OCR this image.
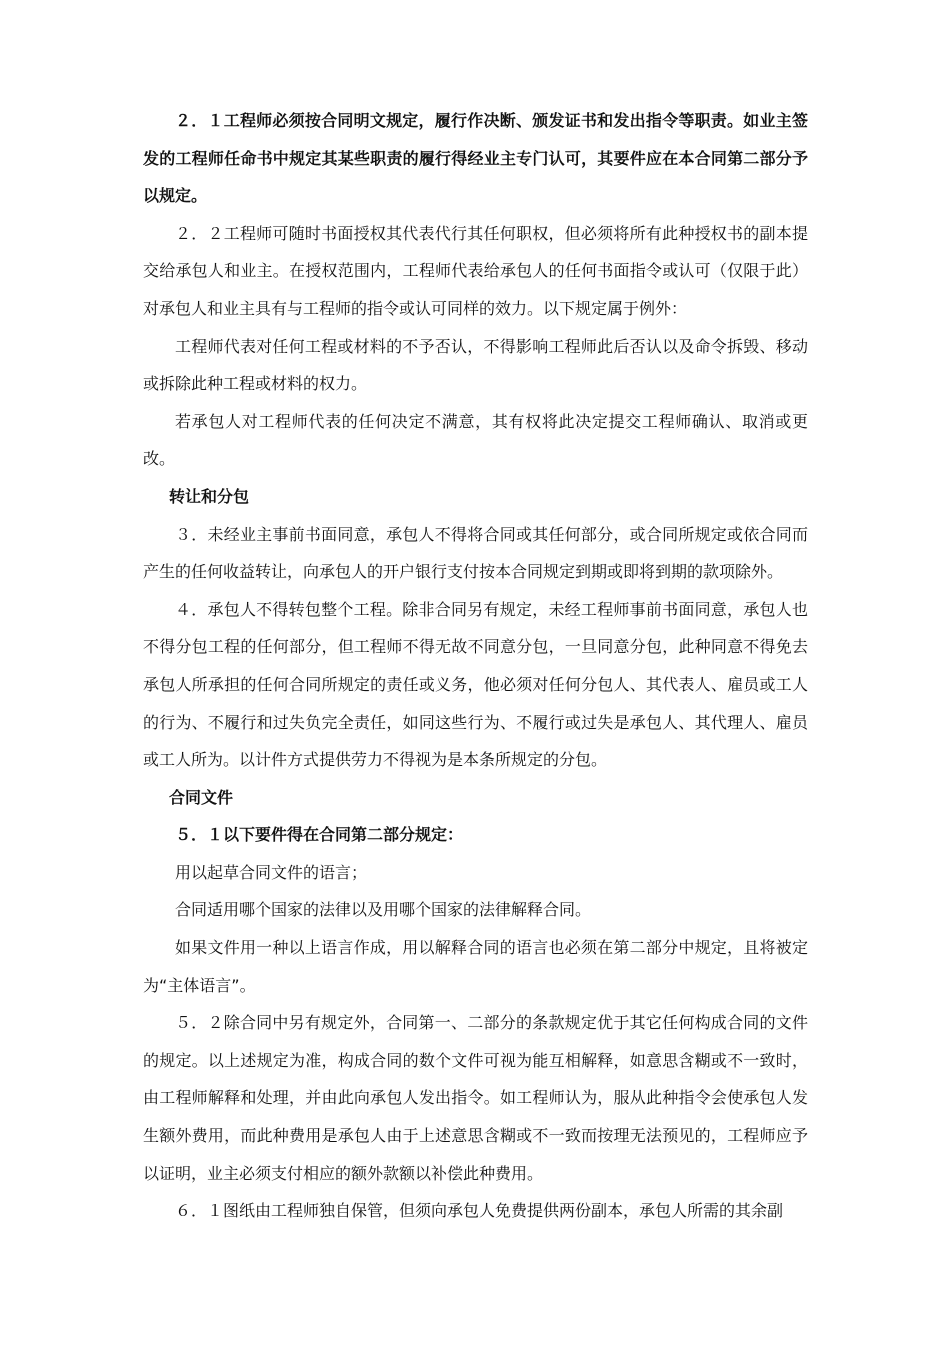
２．１工程师必须按合同明文规定，履行作决断、颁发证书和发出指令等职责。如业主签发的工程师任命书中规定其某些职责的履行得经业主专门认可，其要件应在本合同第二部分予以规定。

２．２工程师可随时书面授权其代表代行其任何职权，但必须将所有此种授权书的副本提交给承包人和业主。在授权范围内，工程师代表给承包人的任何书面指令或认可（仅限于此）对承包人和业主具有与工程师的指令或认可同样的效力。以下规定属于例外：

工程师代表对任何工程或材料的不予否认，不得影响工程师此后否认以及命令拆毁、移动或拆除此种工程或材料的权力。

若承包人对工程师代表的任何决定不满意，其有权将此决定提交工程师确认、取消或更改。

转让和分包

３．未经业主事前书面同意，承包人不得将合同或其任何部分，或合同所规定或依合同而产生的任何收益转让，向承包人的开户银行支付按本合同规定到期或即将到期的款项除外。

４．承包人不得转包整个工程。除非合同另有规定，未经工程师事前书面同意，承包人也不得分包工程的任何部分，但工程师不得无故不同意分包，一旦同意分包，此种同意不得免去承包人所承担的任何合同所规定的责任或义务，他必须对任何分包人、其代表人、雇员或工人的行为、不履行和过失负完全责任，如同这些行为、不履行或过失是承包人、其代理人、雇员或工人所为。以计件方式提供劳力不得视为是本条所规定的分包。

合同文件

５．１以下要件得在合同第二部分规定：

用以起草合同文件的语言；

合同适用哪个国家的法律以及用哪个国家的法律解释合同。

如果文件用一种以上语言作成，用以解释合同的语言也必须在第二部分中规定，且将被定为“主体语言”。

５．２除合同中另有规定外，合同第一、二部分的条款规定优于其它任何构成合同的文件的规定。以上述规定为准，构成合同的数个文件可视为能互相解释，如意思含糊或不一致时，由工程师解释和处理，并由此向承包人发出指令。如工程师认为，服从此种指令会使承包人发生额外费用，而此种费用是承包人由于上述意思含糊或不一致而按理无法预见的，工程师应予以证明，业主必须支付相应的额外款额以补偿此种费用。

６．１图纸由工程师独自保管，但须向承包人免费提供两份副本，承包人所需的其余副
